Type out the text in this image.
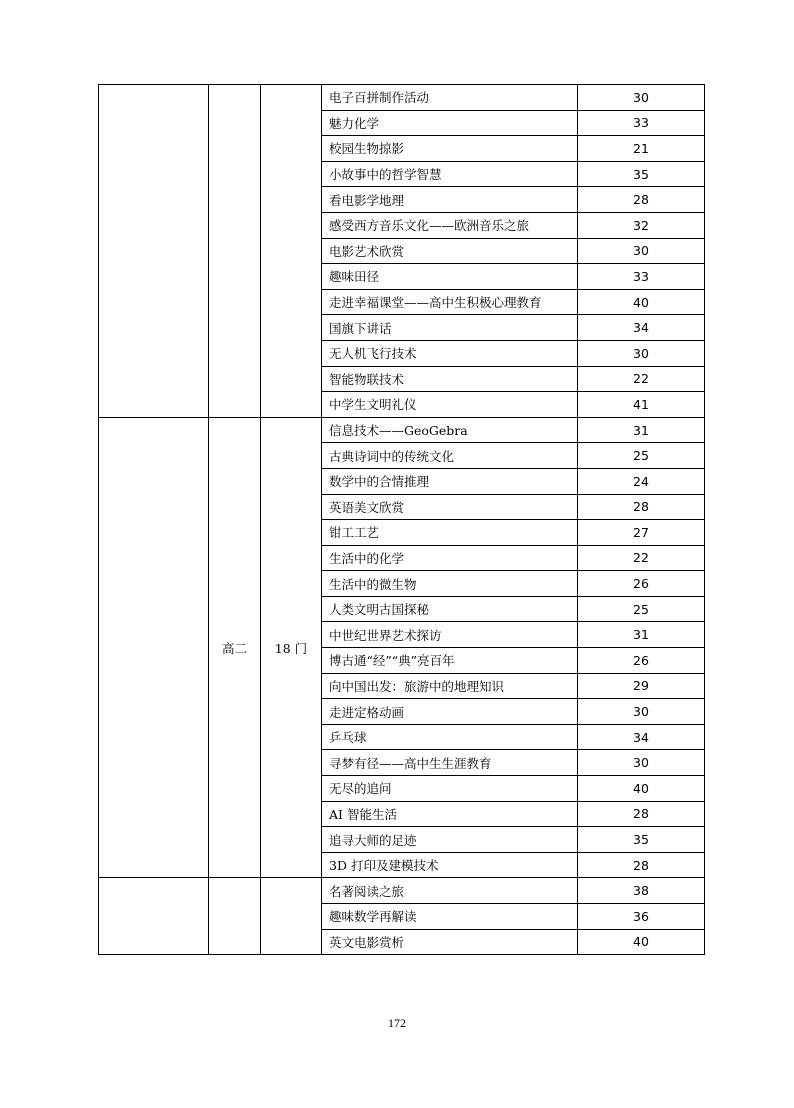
			电子百拼制作活动	30
			魅力化学	33
			校园生物掠影	21
			小故事中的哲学智慧	35
			看电影学地理	28
			感受西方音乐文化——欧洲音乐之旅	32
			电影艺术欣赏	30
			趣味田径	33
			走进幸福课堂——高中生积极心理教育	40
			国旗下讲话	34
			无人机飞行技术	30
			智能物联技术	22
			中学生文明礼仪	41
	高二	18 门	信息技术——GeoGebra	31
			古典诗词中的传统文化	25
			数学中的合情推理	24
			英语美文欣赏	28
			钳工工艺	27
			生活中的化学	22
			生活中的微生物	26
			人类文明古国探秘	25
			中世纪世界艺术探访	31
			博古通“经”“典”亮百年	26
			向中国出发：旅游中的地理知识	29
			走进定格动画	30
			乒乓球	34
			寻梦有径——高中生生涯教育	30
			无尽的追问	40
			AI 智能生活	28
			追寻大师的足迹	35
			3D 打印及建模技术	28
			名著阅读之旅	38
			趣味数学再解读	36
			英文电影赏析	40
172
